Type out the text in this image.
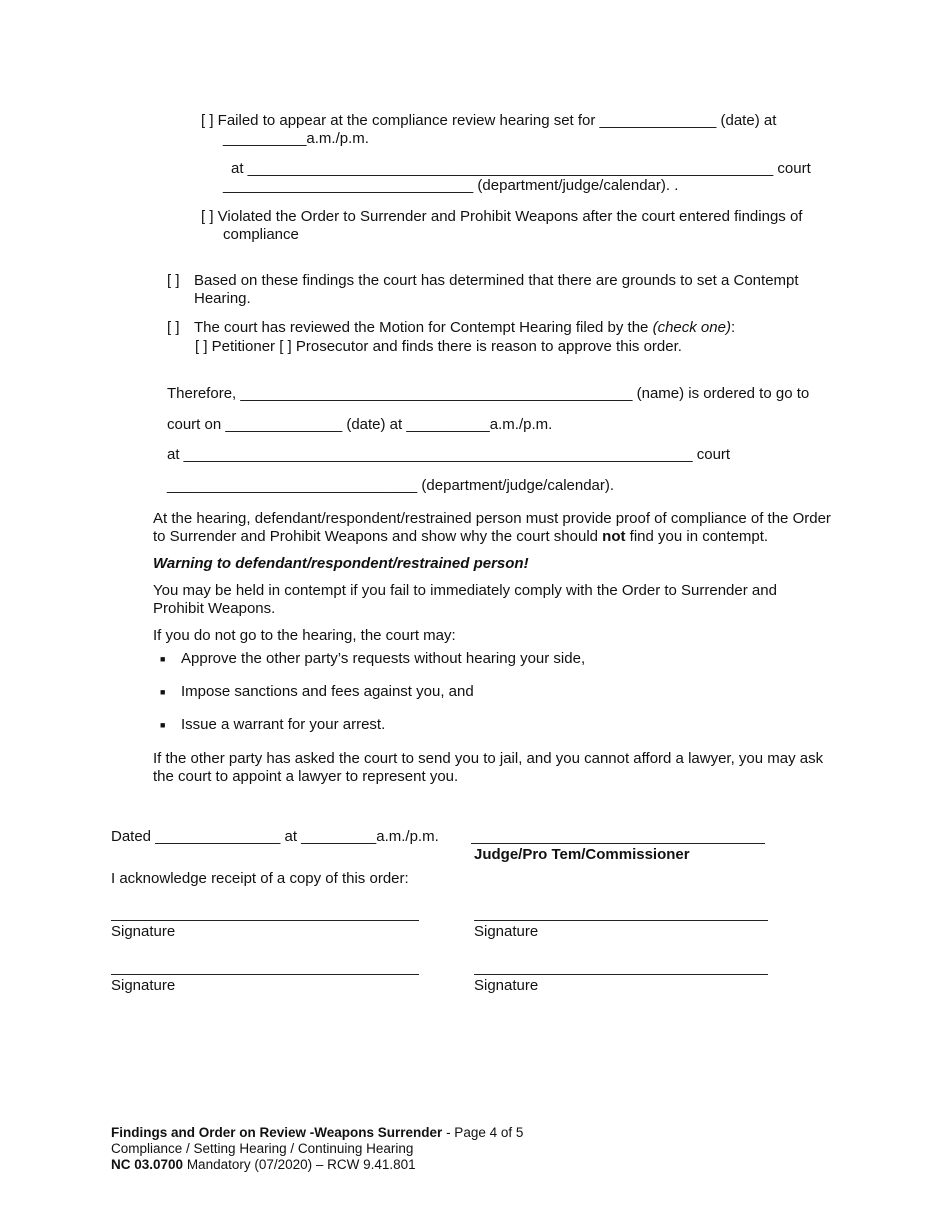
[ ] Failed to appear at the compliance review hearing set for ______________ (date) at
__________a.m./p.m.
at _______________________________________________________________ court
______________________________ (department/judge/calendar). .
[ ] Violated the Order to Surrender and Prohibit Weapons after the court entered findings of
compliance
[ ] Based on these findings the court has determined that there are grounds to set a Contempt Hearing.
[ ] The court has reviewed the Motion for Contempt Hearing filed by the (check one):
[ ] Petitioner [ ] Prosecutor and finds there is reason to approve this order.
Therefore, _______________________________________________ (name) is ordered to go to
court on ______________ (date) at __________a.m./p.m.
at _____________________________________________________________ court
______________________________ (department/judge/calendar).
At the hearing, defendant/respondent/restrained person must provide proof of compliance of the Order to Surrender and Prohibit Weapons and show why the court should not find you in contempt.
Warning to defendant/respondent/restrained person!
You may be held in contempt if you fail to immediately comply with the Order to Surrender and Prohibit Weapons.
If you do not go to the hearing, the court may:
■ Approve the other party’s requests without hearing your side,
■ Impose sanctions and fees against you, and
■ Issue a warrant for your arrest.
If the other party has asked the court to send you to jail, and you cannot afford a lawyer, you may ask the court to appoint a lawyer to represent you.
Dated _______________ at _________a.m./p.m.
Judge/Pro Tem/Commissioner
I acknowledge receipt of a copy of this order:
Signature	Signature
Signature	Signature
Findings and Order on Review -Weapons Surrender - Page 4 of 5
Compliance / Setting Hearing / Continuing Hearing
NC 03.0700 Mandatory (07/2020) – RCW 9.41.801
